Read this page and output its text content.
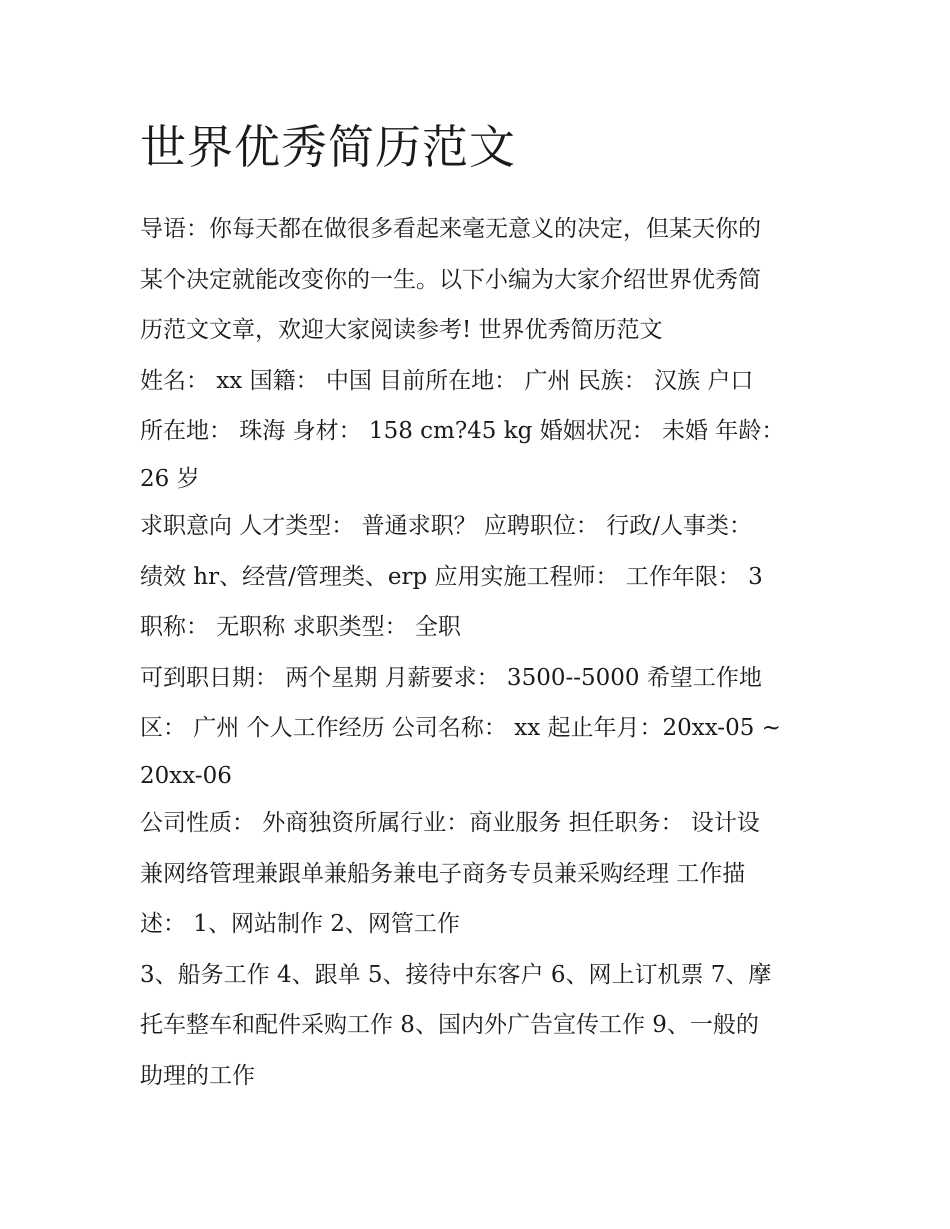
世界优秀简历范文
导语：你每天都在做很多看起来毫无意义的决定，但某天你的
某个决定就能改变你的一生。以下小编为大家介绍世界优秀简
历范文文章，欢迎大家阅读参考! 世界优秀简历范文
姓名： xx 国籍： 中国 目前所在地： 广州 民族： 汉族 户口
所在地： 珠海 身材： 158 cm?45 kg 婚姻状况： 未婚 年龄：
26 岁
求职意向 人才类型： 普通求职？ 应聘职位： 行政/人事类：
绩效 hr、经营/管理类、erp 应用实施工程师： 工作年限： 3
职称： 无职称 求职类型： 全职
可到职日期： 两个星期 月薪要求： 3500--5000 希望工作地
区： 广州 个人工作经历 公司名称： xx 起止年月：20xx-05 ~
20xx-06
公司性质： 外商独资所属行业：商业服务 担任职务： 设计设
兼网络管理兼跟单兼船务兼电子商务专员兼采购经理 工作描
述： 1、网站制作 2、网管工作
3、船务工作 4、跟单 5、接待中东客户 6、网上订机票 7、摩
托车整车和配件采购工作 8、国内外广告宣传工作 9、一般的
助理的工作
